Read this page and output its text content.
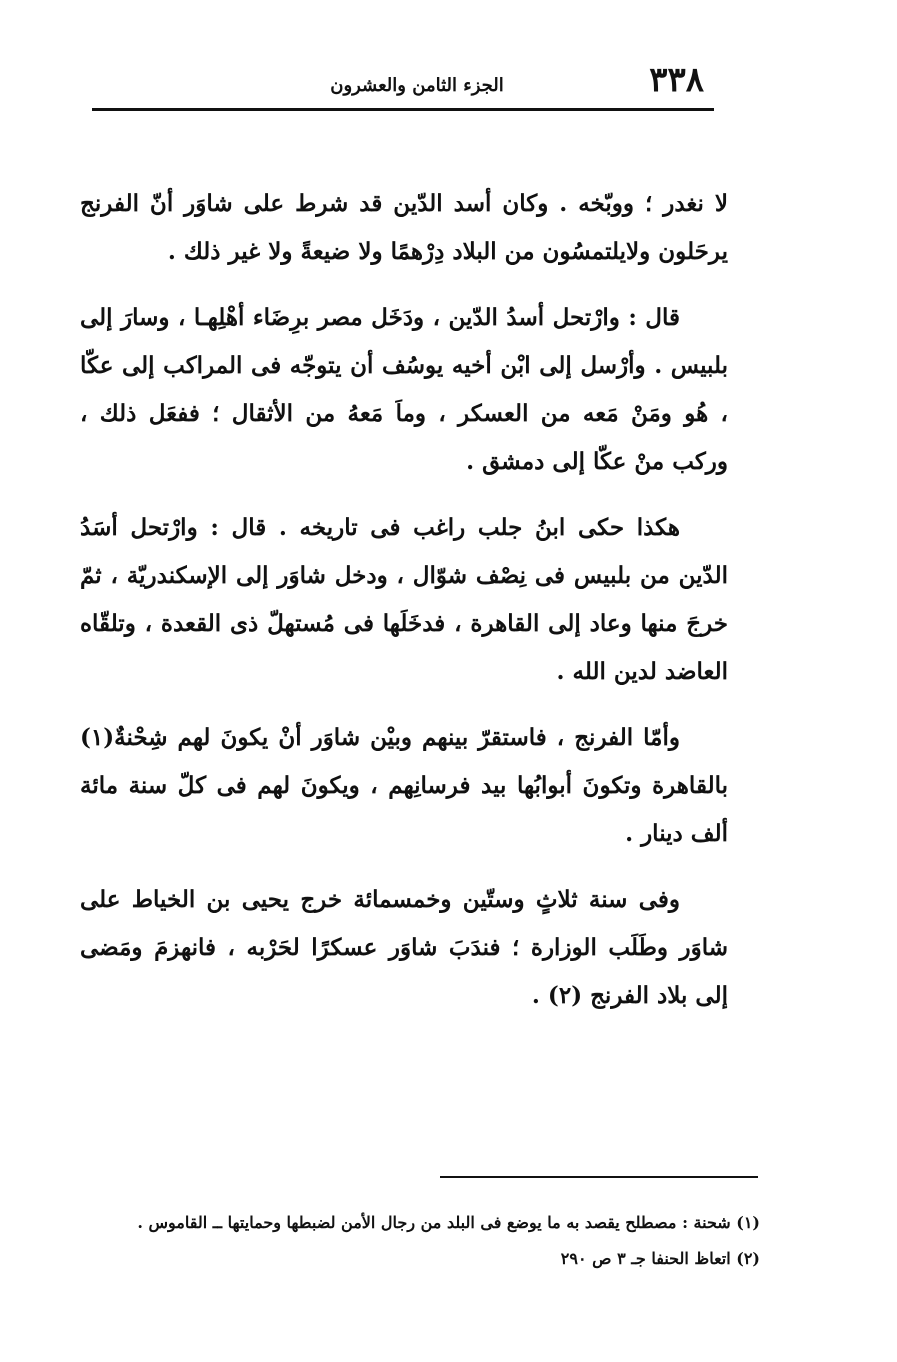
٣٣٨
الجزء الثامن والعشرون

لا نغدر ؛ ووبّخه . وكان أسد الدّين قد شرط على شاوَر أنّ الفرنج يرحَلون ولايلتمسُون من البلاد دِرْهمًا ولا ضيعةً ولا غير ذلك .

قال : وارْتحل أسدُ الدّين ، ودَخَل مصر برِضَاء أهْلِهـا ، وسارَ إلى بلبيس . وأرْسل إلى ابْن أخيه يوسُف أن يتوجّه فى المراكب إلى عكّا ، هُو ومَنْ مَعه من العسكر ، وماَ مَعهُ من الأثقال ؛ ففعَل ذلك ، وركب منْ عكّا إلى دمشق .

هكذا حكى ابنُ جلب راغب فى تاريخه . قال : وارْتحل أسَدُ الدّين من بلبيس فى نِصْف شوّال ، ودخل شاوَر إلى الإسكندريّة ، ثمّ خرجَ منها وعاد إلى القاهرة ، فدخَلَها فى مُستهلّ ذى القعدة ، وتلقّاه العاضد لدين الله .

وأمّا الفرنج ، فاستقرّ بينهم وبيْن شاوَر أنْ يكونَ لهم شِحْنةٌ(١) بالقاهرة وتكونَ أبوابُها بيد فرسانِهم ، ويكونَ لهم فى كلّ سنة مائة ألف دينار .

وفى سنة ثلاثٍ وستّين وخمسمائة خرج يحيى بن الخياط على شاوَر وطَلَب الوزارة ؛ فندَبَ شاوَر عسكرًا لحَرْبه ، فانهزمَ ومَضى إلى بلاد الفرنج (٢) .

(١) شحنة : مصطلح يقصد به ما يوضع فى البلد من رجال الأمن لضبطها وحمايتها ــ القاموس .

(٢) اتعاظ الحنفا جـ ٣ ص ٢٩٠
